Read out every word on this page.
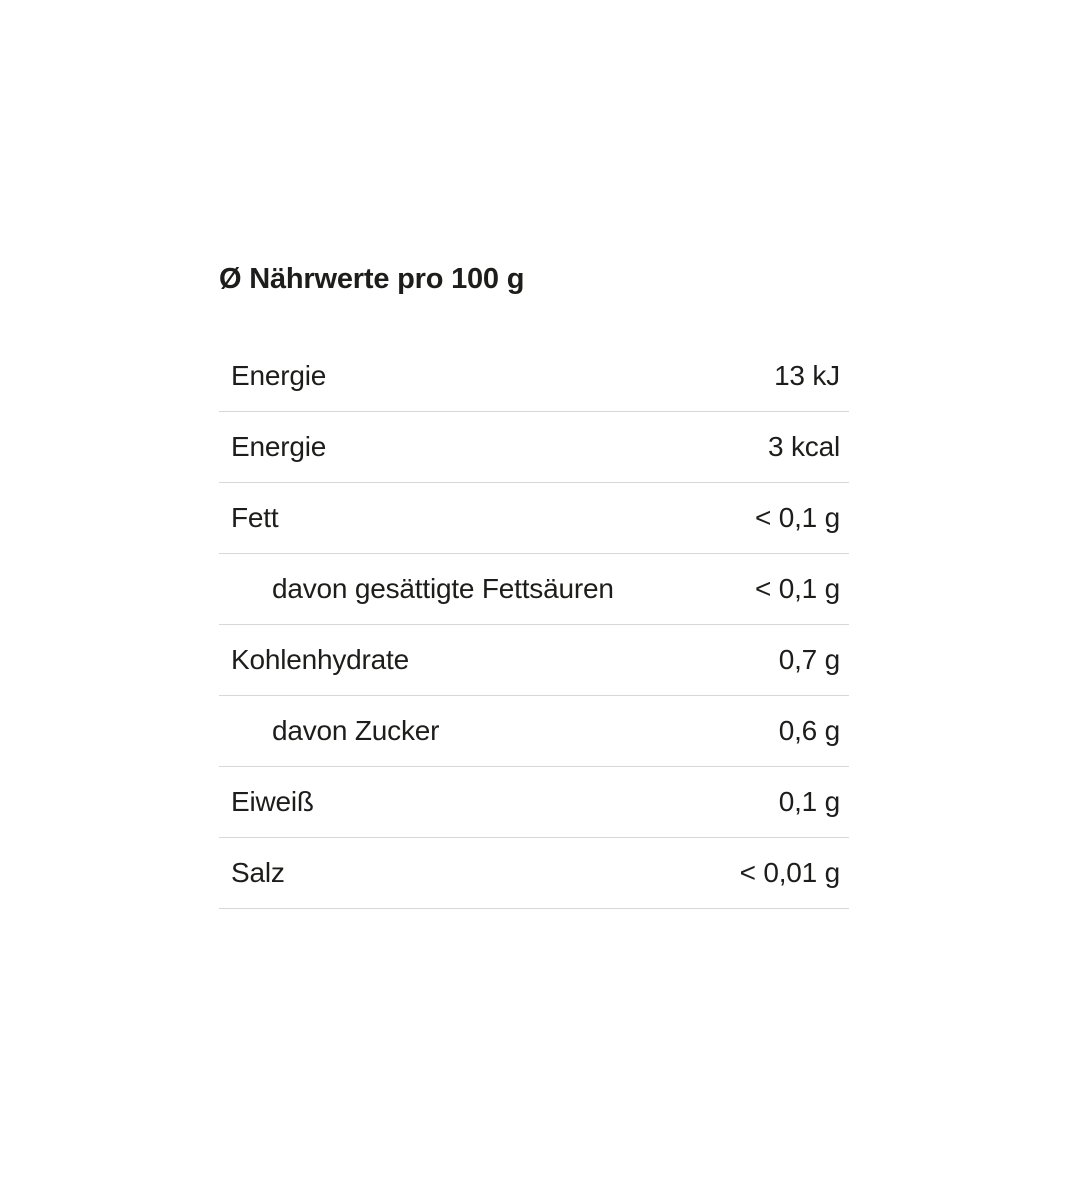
Ø Nährwerte pro 100 g
Energie	13 kJ
Energie	3 kcal
Fett	< 0,1 g
davon gesättigte Fettsäuren	< 0,1 g
Kohlenhydrate	0,7 g
davon Zucker	0,6 g
Eiweiß	0,1 g
Salz	< 0,01 g
